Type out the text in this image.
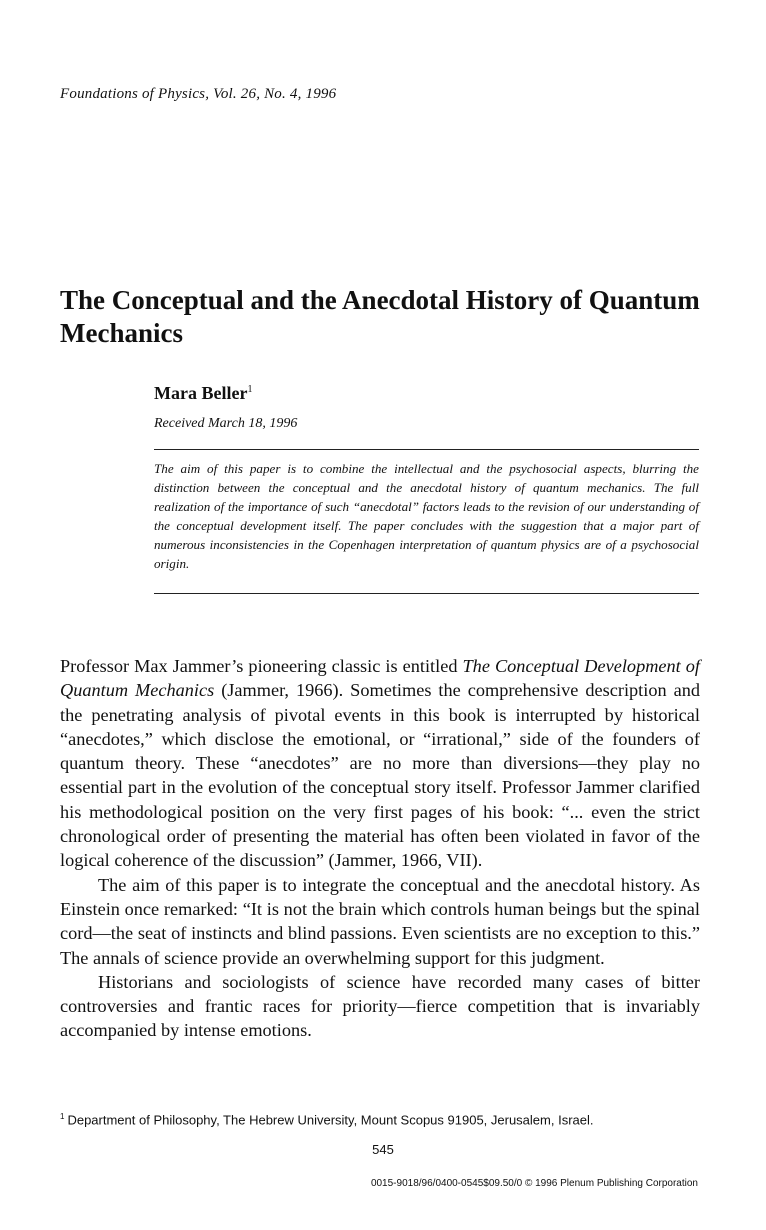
Foundations of Physics, Vol. 26, No. 4, 1996
The Conceptual and the Anecdotal History of Quantum Mechanics
Mara Beller$^1$
Received March 18, 1996
The aim of this paper is to combine the intellectual and the psychosocial aspects, blurring the distinction between the conceptual and the anecdotal history of quantum mechanics. The full realization of the importance of such “anecdotal” factors leads to the revision of our understanding of the conceptual development itself. The paper concludes with the suggestion that a major part of numerous inconsistencies in the Copenhagen interpretation of quantum physics are of a psychosocial origin.

Professor Max Jammer’s pioneering classic is entitled The Conceptual Development of Quantum Mechanics (Jammer, 1966). Sometimes the comprehensive description and the penetrating analysis of pivotal events in this book is interrupted by historical “anecdotes,” which disclose the emotional, or “irrational,” side of the founders of quantum theory. These “anecdotes” are no more than diversions—they play no essential part in the evolution of the conceptual story itself. Professor Jammer clarified his methodological position on the very first pages of his book: “... even the strict chronological order of presenting the material has often been violated in favor of the logical coherence of the discussion” (Jammer, 1966, VII).

The aim of this paper is to integrate the conceptual and the anecdotal history. As Einstein once remarked: “It is not the brain which controls human beings but the spinal cord—the seat of instincts and blind passions. Even scientists are no exception to this.” The annals of science provide an overwhelming support for this judgment.

Historians and sociologists of science have recorded many cases of bitter controversies and frantic races for priority—fierce competition that is invariably accompanied by intense emotions.

$^1$ Department of Philosophy, The Hebrew University, Mount Scopus 91905, Jerusalem, Israel.
545
0015-9018/96/0400-0545$09.50/0 © 1996 Plenum Publishing Corporation
